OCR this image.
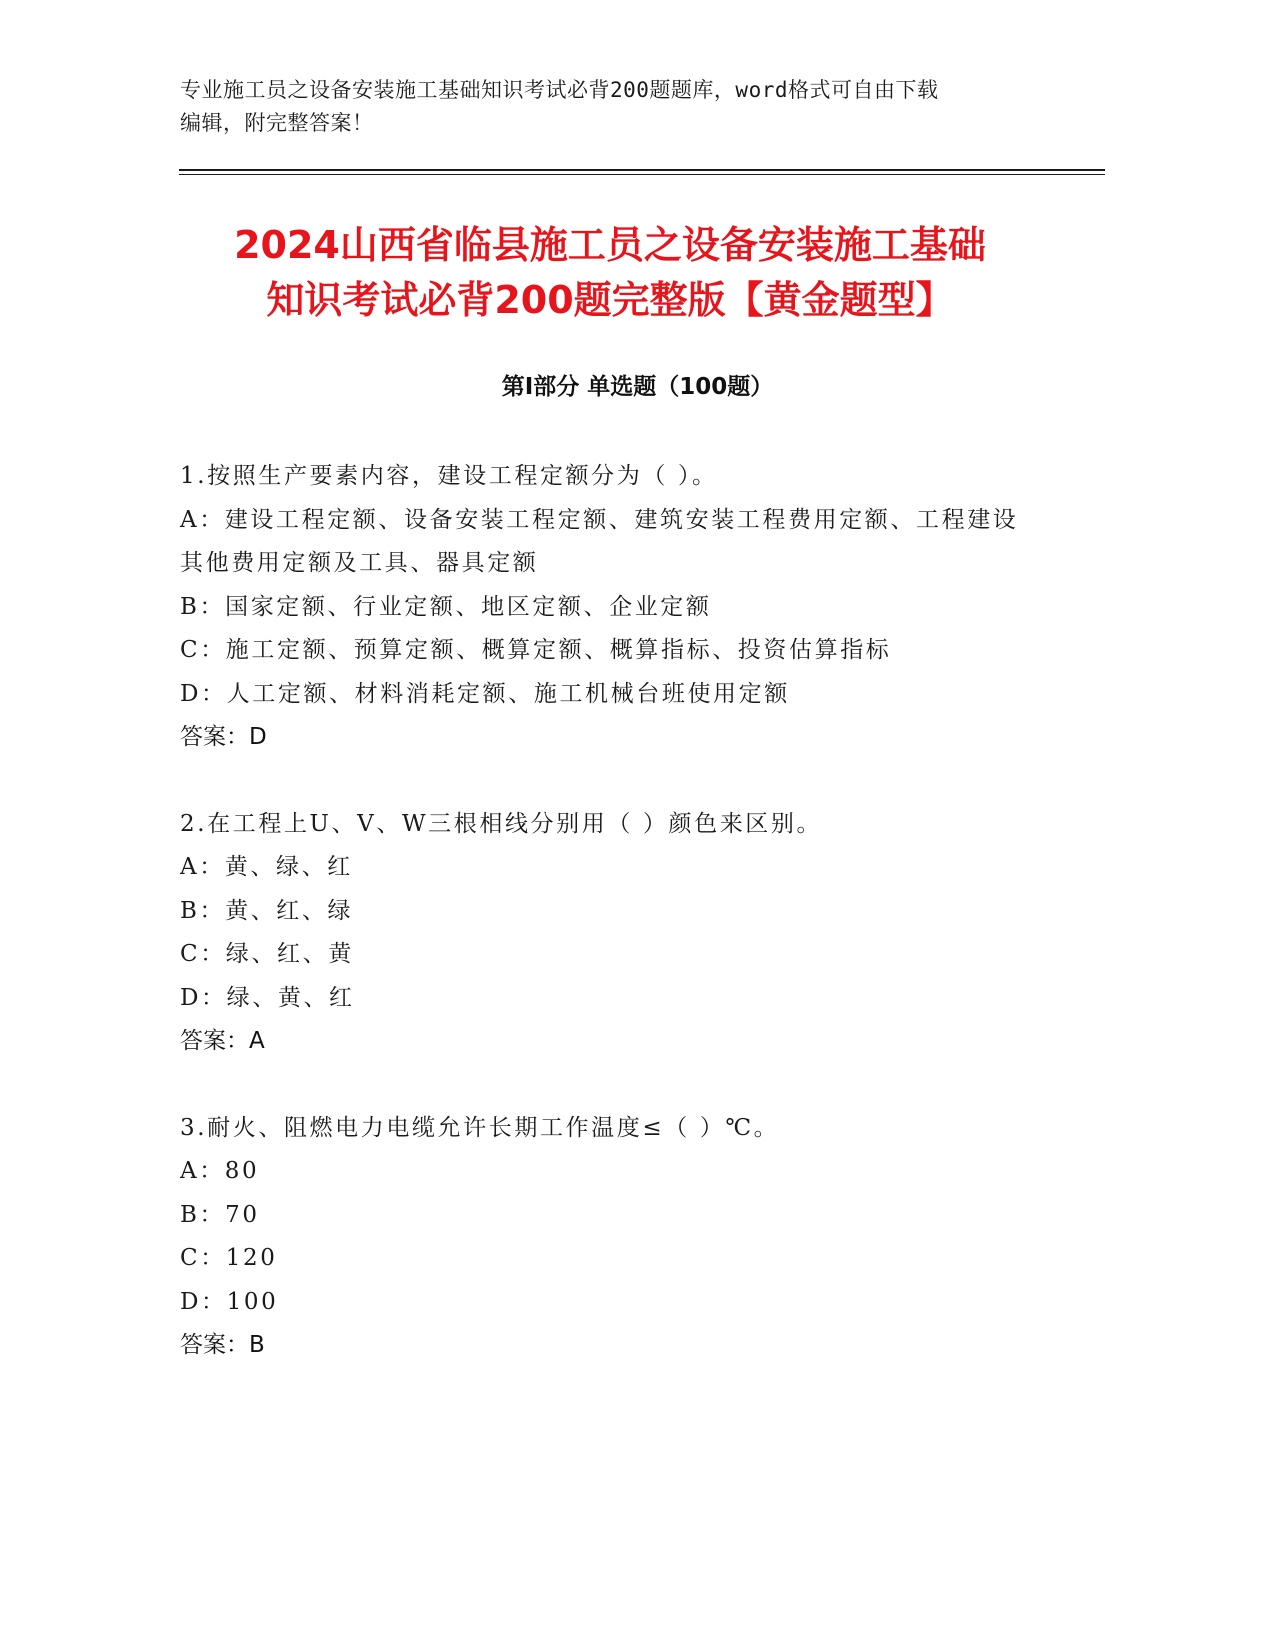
专业施工员之设备安装施工基础知识考试必背200题题库，word格式可自由下载
编辑，附完整答案！
2024山西省临县施工员之设备安装施工基础
知识考试必背200题完整版【黄金题型】
第I部分 单选题（100题）
1.按照生产要素内容，建设工程定额分为（ ）。
A：建设工程定额、设备安装工程定额、建筑安装工程费用定额、工程建设其他费用定额及工具、器具定额
B：国家定额、行业定额、地区定额、企业定额
C：施工定额、预算定额、概算定额、概算指标、投资估算指标
D：人工定额、材料消耗定额、施工机械台班使用定额
答案：D
2.在工程上U、V、W三根相线分别用（ ）颜色来区别。
A：黄、绿、红
B：黄、红、绿
C：绿、红、黄
D：绿、黄、红
答案：A
3.耐火、阻燃电力电缆允许长期工作温度≤（ ）℃。
A：80
B：70
C：120
D：100
答案：B
